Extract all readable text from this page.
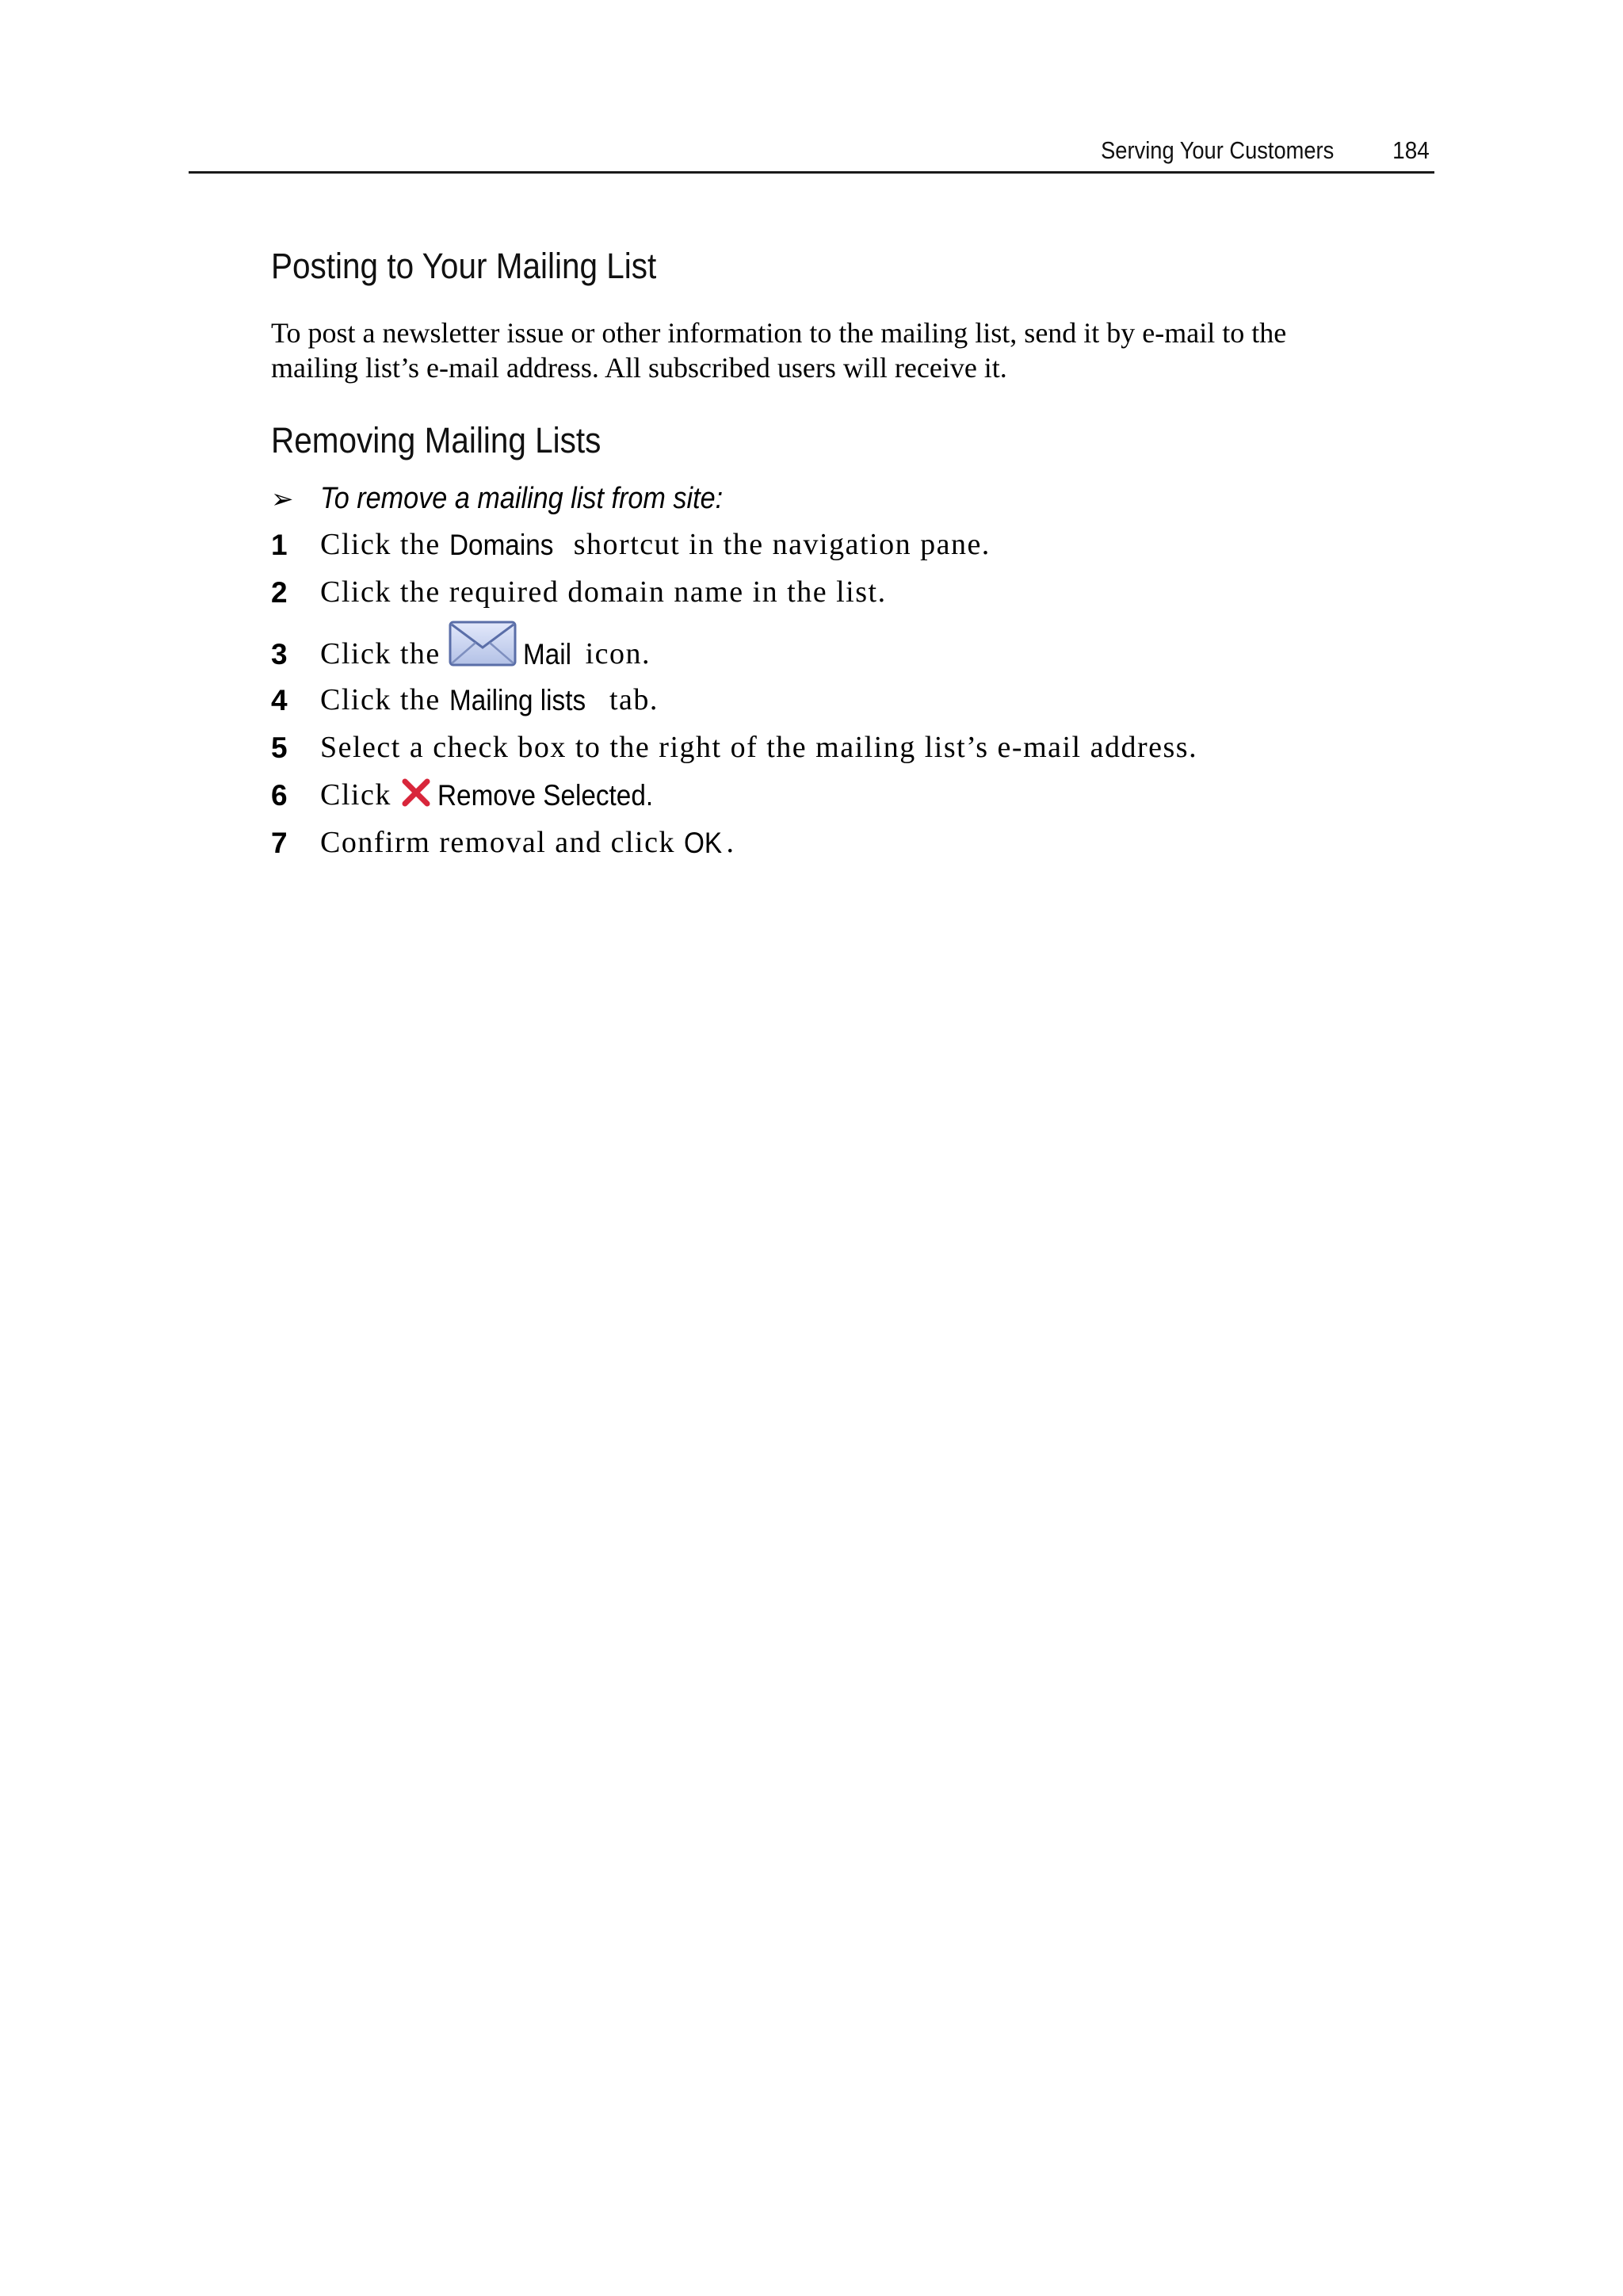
Serving Your Customers 184
Posting to Your Mailing List

To post a newsletter issue or other information to the mailing list, send it by e-mail to the
mailing list’s e-mail address. All subscribed users will receive it.

Removing Mailing Lists
➢ To remove a mailing list from site:
1	Click the
Domains shortcut in the navigation pane.
2	Click the required domain name in the list.
3	Click the	Mail icon.
4	Click the
Mailing lists tab.
5	Select a check box to the right of the mailing list’s e-mail address.
6	Click Remove Selected.
7	Confirm removal and click
OK .
